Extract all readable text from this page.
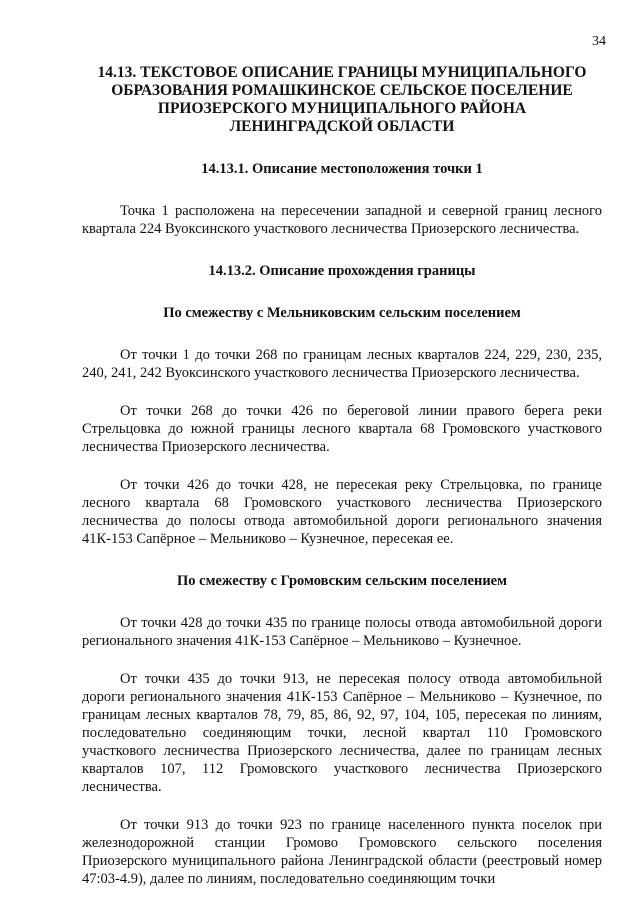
34
14.13. ТЕКСТОВОЕ ОПИСАНИЕ ГРАНИЦЫ МУНИЦИПАЛЬНОГО
ОБРАЗОВАНИЯ РОМАШКИНСКОЕ СЕЛЬСКОЕ ПОСЕЛЕНИЕ
ПРИОЗЕРСКОГО МУНИЦИПАЛЬНОГО РАЙОНА
ЛЕНИНГРАДСКОЙ ОБЛАСТИ

14.13.1. Описание местоположения точки 1

Точка 1 расположена на пересечении западной и северной границ лесного квартала 224 Вуоксинского участкового лесничества Приозерского лесничества.

14.13.2. Описание прохождения границы

По смежеству с Мельниковским сельским поселением

От точки 1 до точки 268 по границам лесных кварталов 224, 229, 230, 235, 240, 241, 242 Вуоксинского участкового лесничества Приозерского лесничества.

От точки 268 до точки 426 по береговой линии правого берега реки Стрельцовка до южной границы лесного квартала 68 Громовского участкового лесничества Приозерского лесничества.

От точки 426 до точки 428, не пересекая реку Стрельцовка, по границе лесного квартала 68 Громовского участкового лесничества Приозерского лесничества до полосы отвода автомобильной дороги регионального значения 41К-153 Сапёрное – Мельниково – Кузнечное, пересекая ее.

По смежеству с Громовским сельским поселением

От точки 428 до точки 435 по границе полосы отвода автомобильной дороги регионального значения 41К-153 Сапёрное – Мельниково – Кузнечное.

От точки 435 до точки 913, не пересекая полосу отвода автомобильной дороги регионального значения 41К-153 Сапёрное – Мельниково – Кузнечное, по границам лесных кварталов 78, 79, 85, 86, 92, 97, 104, 105, пересекая по линиям, последовательно соединяющим точки, лесной квартал 110 Громовского участкового лесничества Приозерского лесничества, далее по границам лесных кварталов 107, 112 Громовского участкового лесничества Приозерского лесничества.

От точки 913 до точки 923 по границе населенного пункта поселок при железнодорожной станции Громово Громовского сельского поселения Приозерского муниципального района Ленинградской области (реестровый номер 47:03-4.9), далее по линиям, последовательно соединяющим точки
